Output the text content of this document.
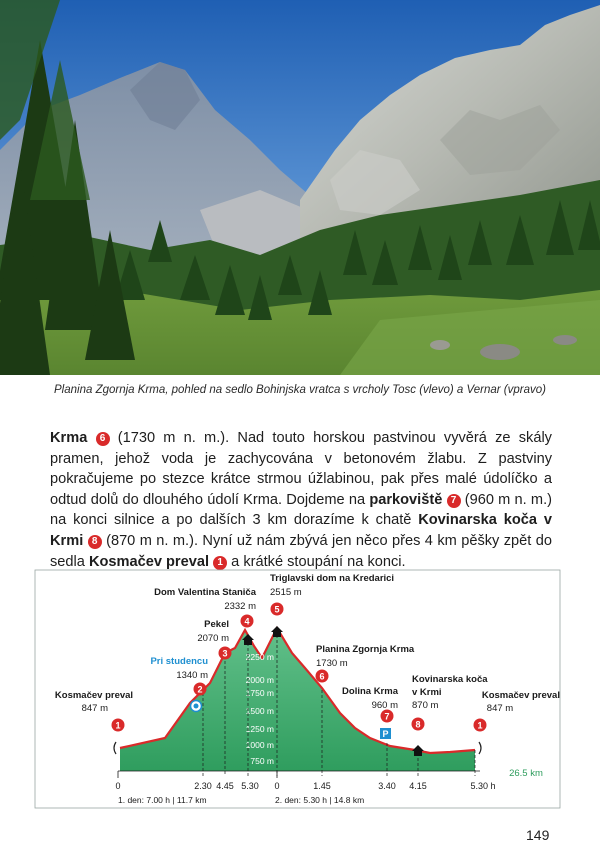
Planina Zgornja Krma, pohled na sedlo Bohinjska vratca s vrcholy Tosc (vlevo) a Vernar (vpravo)
Krma 6 (1730 m n. m.). Nad touto horskou pastvinou vyvěrá ze skály pramen, jehož voda je zachycována v betonovém žlabu. Z pastviny pokračujeme po stezce krátce strmou úžlabinou, pak přes malé údolíčko a odtud dolů do dlouhého údolí Krma. Dojdeme na parkoviště 7 (960 m n. m.) na konci silnice a po dalších 3 km dorazíme k chatě Kovinarska koča v Krmi 8 (870 m n. m.). Nyní už nám zbývá jen něco přes 4 km pěšky zpět do sedla Kosmačev preval 1 a krátké stoupání na konci.
2250 m
2000 m
1750 m
1500 m
1250 m
1000 m
750 m
0	2.30 4.45 5.30 0	1.45	3.40 4.15	5.30 h
1. den: 7.00 h | 11.7 km	2. den: 5.30 h | 14.8 km
26.5 km
P
1
2
3
4
5
6
7
8	1
Kosmačev preval
847 m
Pri studencu
1340 m
Pekel
2070 m
Dom Valentina Staniča
2332 m
Triglavski dom na Kredarici
2515 m
Planina Zgornja Krma
1730 m
Dolina Krma
960 m
Kovinarska koča
v Krmi
870 m
Kosmačev preval
847 m
149
